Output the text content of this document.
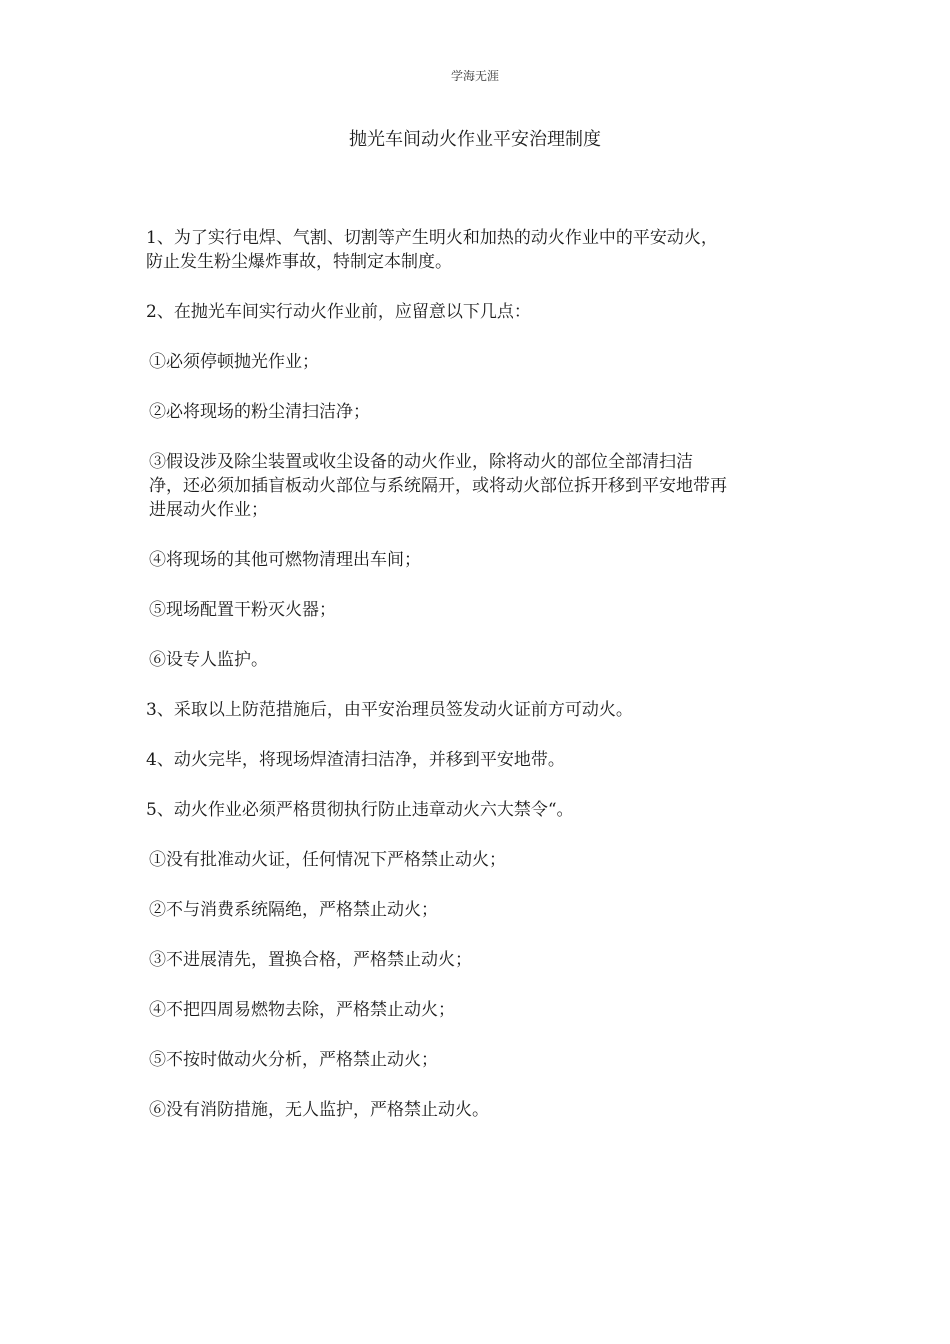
学海无涯
抛光车间动火作业平安治理制度

1、为了实行电焊、气割、切割等产生明火和加热的动火作业中的平安动火，
防止发生粉尘爆炸事故，特制定本制度。

2、在抛光车间实行动火作业前，应留意以下几点：

①必须停顿抛光作业；

②必将现场的粉尘清扫洁净；

③假设涉及除尘装置或收尘设备的动火作业，除将动火的部位全部清扫洁
净，还必须加插盲板动火部位与系统隔开，或将动火部位拆开移到平安地带再
进展动火作业；

④将现场的其他可燃物清理出车间；

⑤现场配置干粉灭火器；

⑥设专人监护。

3、采取以上防范措施后，由平安治理员签发动火证前方可动火。

4、动火完毕，将现场焊渣清扫洁净，并移到平安地带。

5、动火作业必须严格贯彻执行防止违章动火六大禁令“。

①没有批准动火证，任何情况下严格禁止动火；

②不与消费系统隔绝，严格禁止动火；

③不进展清先，置换合格，严格禁止动火；

④不把四周易燃物去除，严格禁止动火；

⑤不按时做动火分析，严格禁止动火；

⑥没有消防措施，无人监护，严格禁止动火。
